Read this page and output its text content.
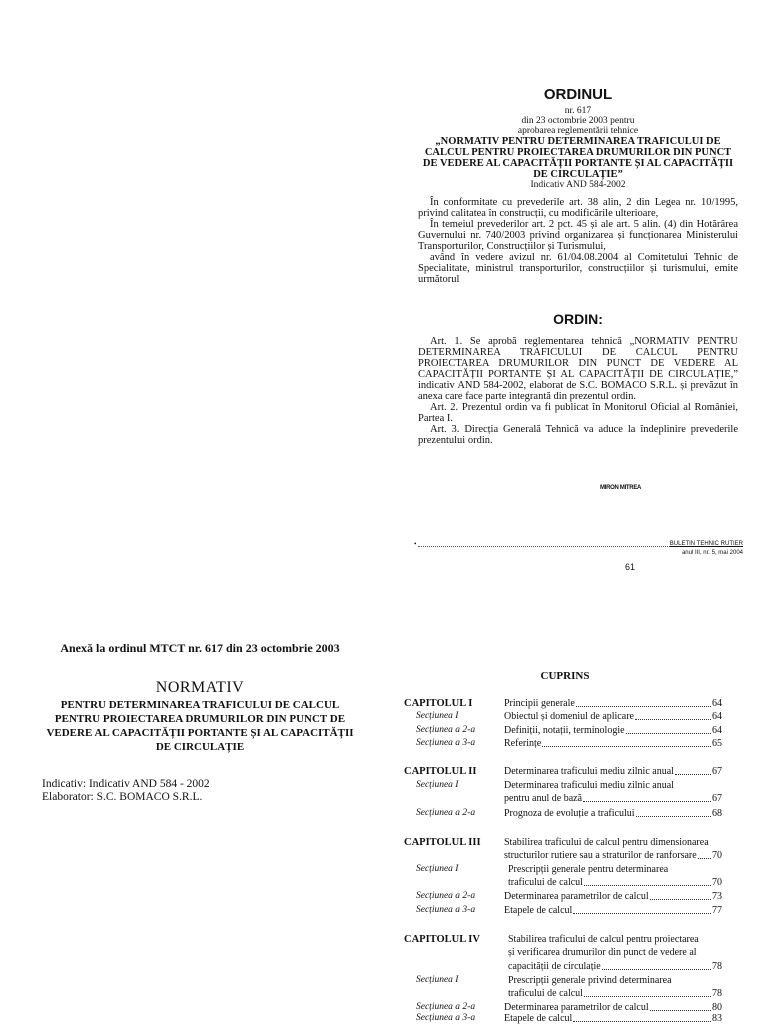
ORDINUL
nr. 617
din 23 octombrie 2003 pentru
aprobarea reglementării tehnice
„NORMATIV PENTRU DETERMINAREA TRAFICULUI DE CALCUL PENTRU PROIECTAREA DRUMURILOR DIN PUNCT DE VEDERE AL CAPACITĂȚII PORTANTE ȘI AL CAPACITĂȚII DE CIRCULAȚIE”
Indicativ AND 584-2002

În conformitate cu prevederile art. 38 alin, 2 din Legea nr. 10/1995, privind calitatea în construcții, cu modificările ulterioare,

În temeiul prevederilor art. 2 pct. 45 și ale art. 5 alin. (4) din Hotărârea Guvernului nr. 740/2003 privind organizarea și funcționarea Ministerului Transporturilor, Construcțiilor și Turismului,

având în vedere avizul nr. 61/04.08.2004 al Comitetului Tehnic de Specialitate, ministrul transporturilor, construcțiilor și turismului, emite următorul

ORDIN:

Art. 1. Se aprobă reglementarea tehnică „NORMATIV PENTRU DETERMINAREA TRAFICULUI DE CALCUL PENTRU PROIECTAREA DRUMURILOR DIN PUNCT DE VEDERE AL CAPACITĂȚII PORTANTE ȘI AL CAPACITĂȚII DE CIRCULAȚIE,” indicativ AND 584-2002, elaborat de S.C. BOMACO S.R.L. și prevăzut în anexa care face parte integrantă din prezentul ordin.

Art. 2. Prezentul ordin va fi publicat în Monitorul Oficial al României, Partea I.

Art. 3. Direcția Generală Tehnică va aduce la îndeplinire prevederile prezentului ordin.

MIRON MITREA
•	BULETIN TEHNIC RUTIER
anul III, nr. 5, mai 2004
61
Anexă la ordinul MTCT nr. 617 din 23 octombrie 2003
NORMATIV
PENTRU DETERMINAREA TRAFICULUI DE CALCUL PENTRU PROIECTAREA DRUMURILOR DIN PUNCT DE VEDERE AL CAPACITĂȚII PORTANTE ȘI AL CAPACITĂȚII DE CIRCULAȚIE
Indicativ: Indicativ AND 584 - 2002
Elaborator: S.C. BOMACO S.R.L.
CUPRINS
CAPITOLUL I	Principii generale	64
Secțiunea I	Obiectul și domeniul de aplicare	64
Secțiunea a 2-a	Definiții, notații, terminologie	64
Secțiunea a 3-a	Referințe	65
CAPITOLUL II	Determinarea traficului mediu zilnic anual	67
Secțiunea I	Determinarea traficului mediu zilnic anual
pentru anul de bază	67
Secțiunea a 2-a	Prognoza de evoluție a traficului	68
CAPITOLUL III Stabilirea traficului de calcul pentru dimensionarea
structurilor rutiere sau a straturilor de ranforsare 70
Secțiunea I	Prescripții generale pentru determinarea
traficului de calcul	70
Secțiunea a 2-a	Determinarea parametrilor de calcul	73
Secțiunea a 3-a	Etapele de calcul	77
CAPITOLUL IV	Stabilirea traficului de calcul pentru proiectarea
și verificarea drumurilor din punct de vedere al
capacității de circulație	78
Secțiunea I	Prescripții generale privind determinarea
traficului de calcul	78
Secțiunea a 2-a	Determinarea parametrilor de calcul	80
Secțiunea a 3-a	Etapele de calcul	83
